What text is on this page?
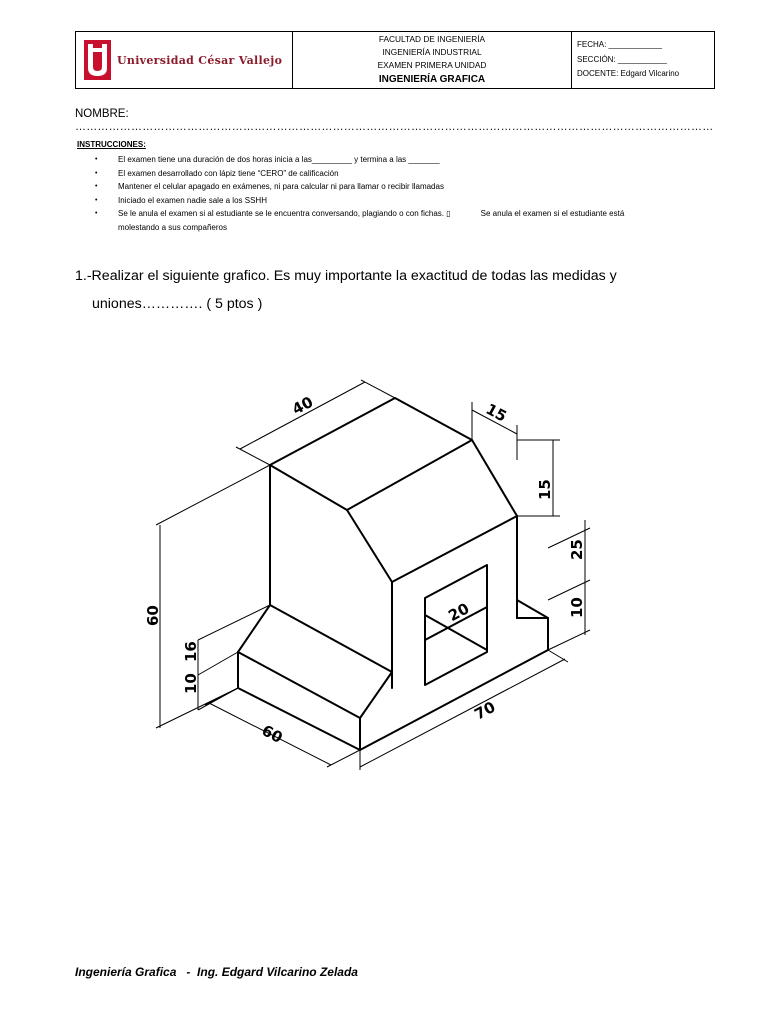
Universidad César Vallejo
FACULTAD DE INGENIERÍA
INGENIERÍA INDUSTRIAL
EXAMEN PRIMERA UNIDAD
INGENIERÍA GRAFICA
FECHA: ____________
SECCIÓN: ___________
DOCENTE: Edgard Vilcarino
NOMBRE:
………………………………………………………………………………………………………………………………………………………
INSTRUCCIONES:
• El examen tiene una duración de dos horas inicia a las_________ y termina a las _______
• El examen desarrollado con lápiz tiene “CERO” de calificación
• Mantener el celular apagado en exámenes, ni para calcular ni para llamar o recibir llamadas
• Iniciado el examen nadie sale a los SSHH
• Se le anula el examen si al estudiante se le encuentra conversando, plagiando o con fichas. ▯	Se anula el examen si el estudiante está molestando a sus compañeros
1.-Realizar el siguiente grafico. Es muy importante la exactitud de todas las medidas y
uniones…………. ( 5 ptos )
40	15
15
25
10
20
60
16
10
60
70
Ingeniería Grafica   -  Ing. Edgard Vilcarino Zelada
